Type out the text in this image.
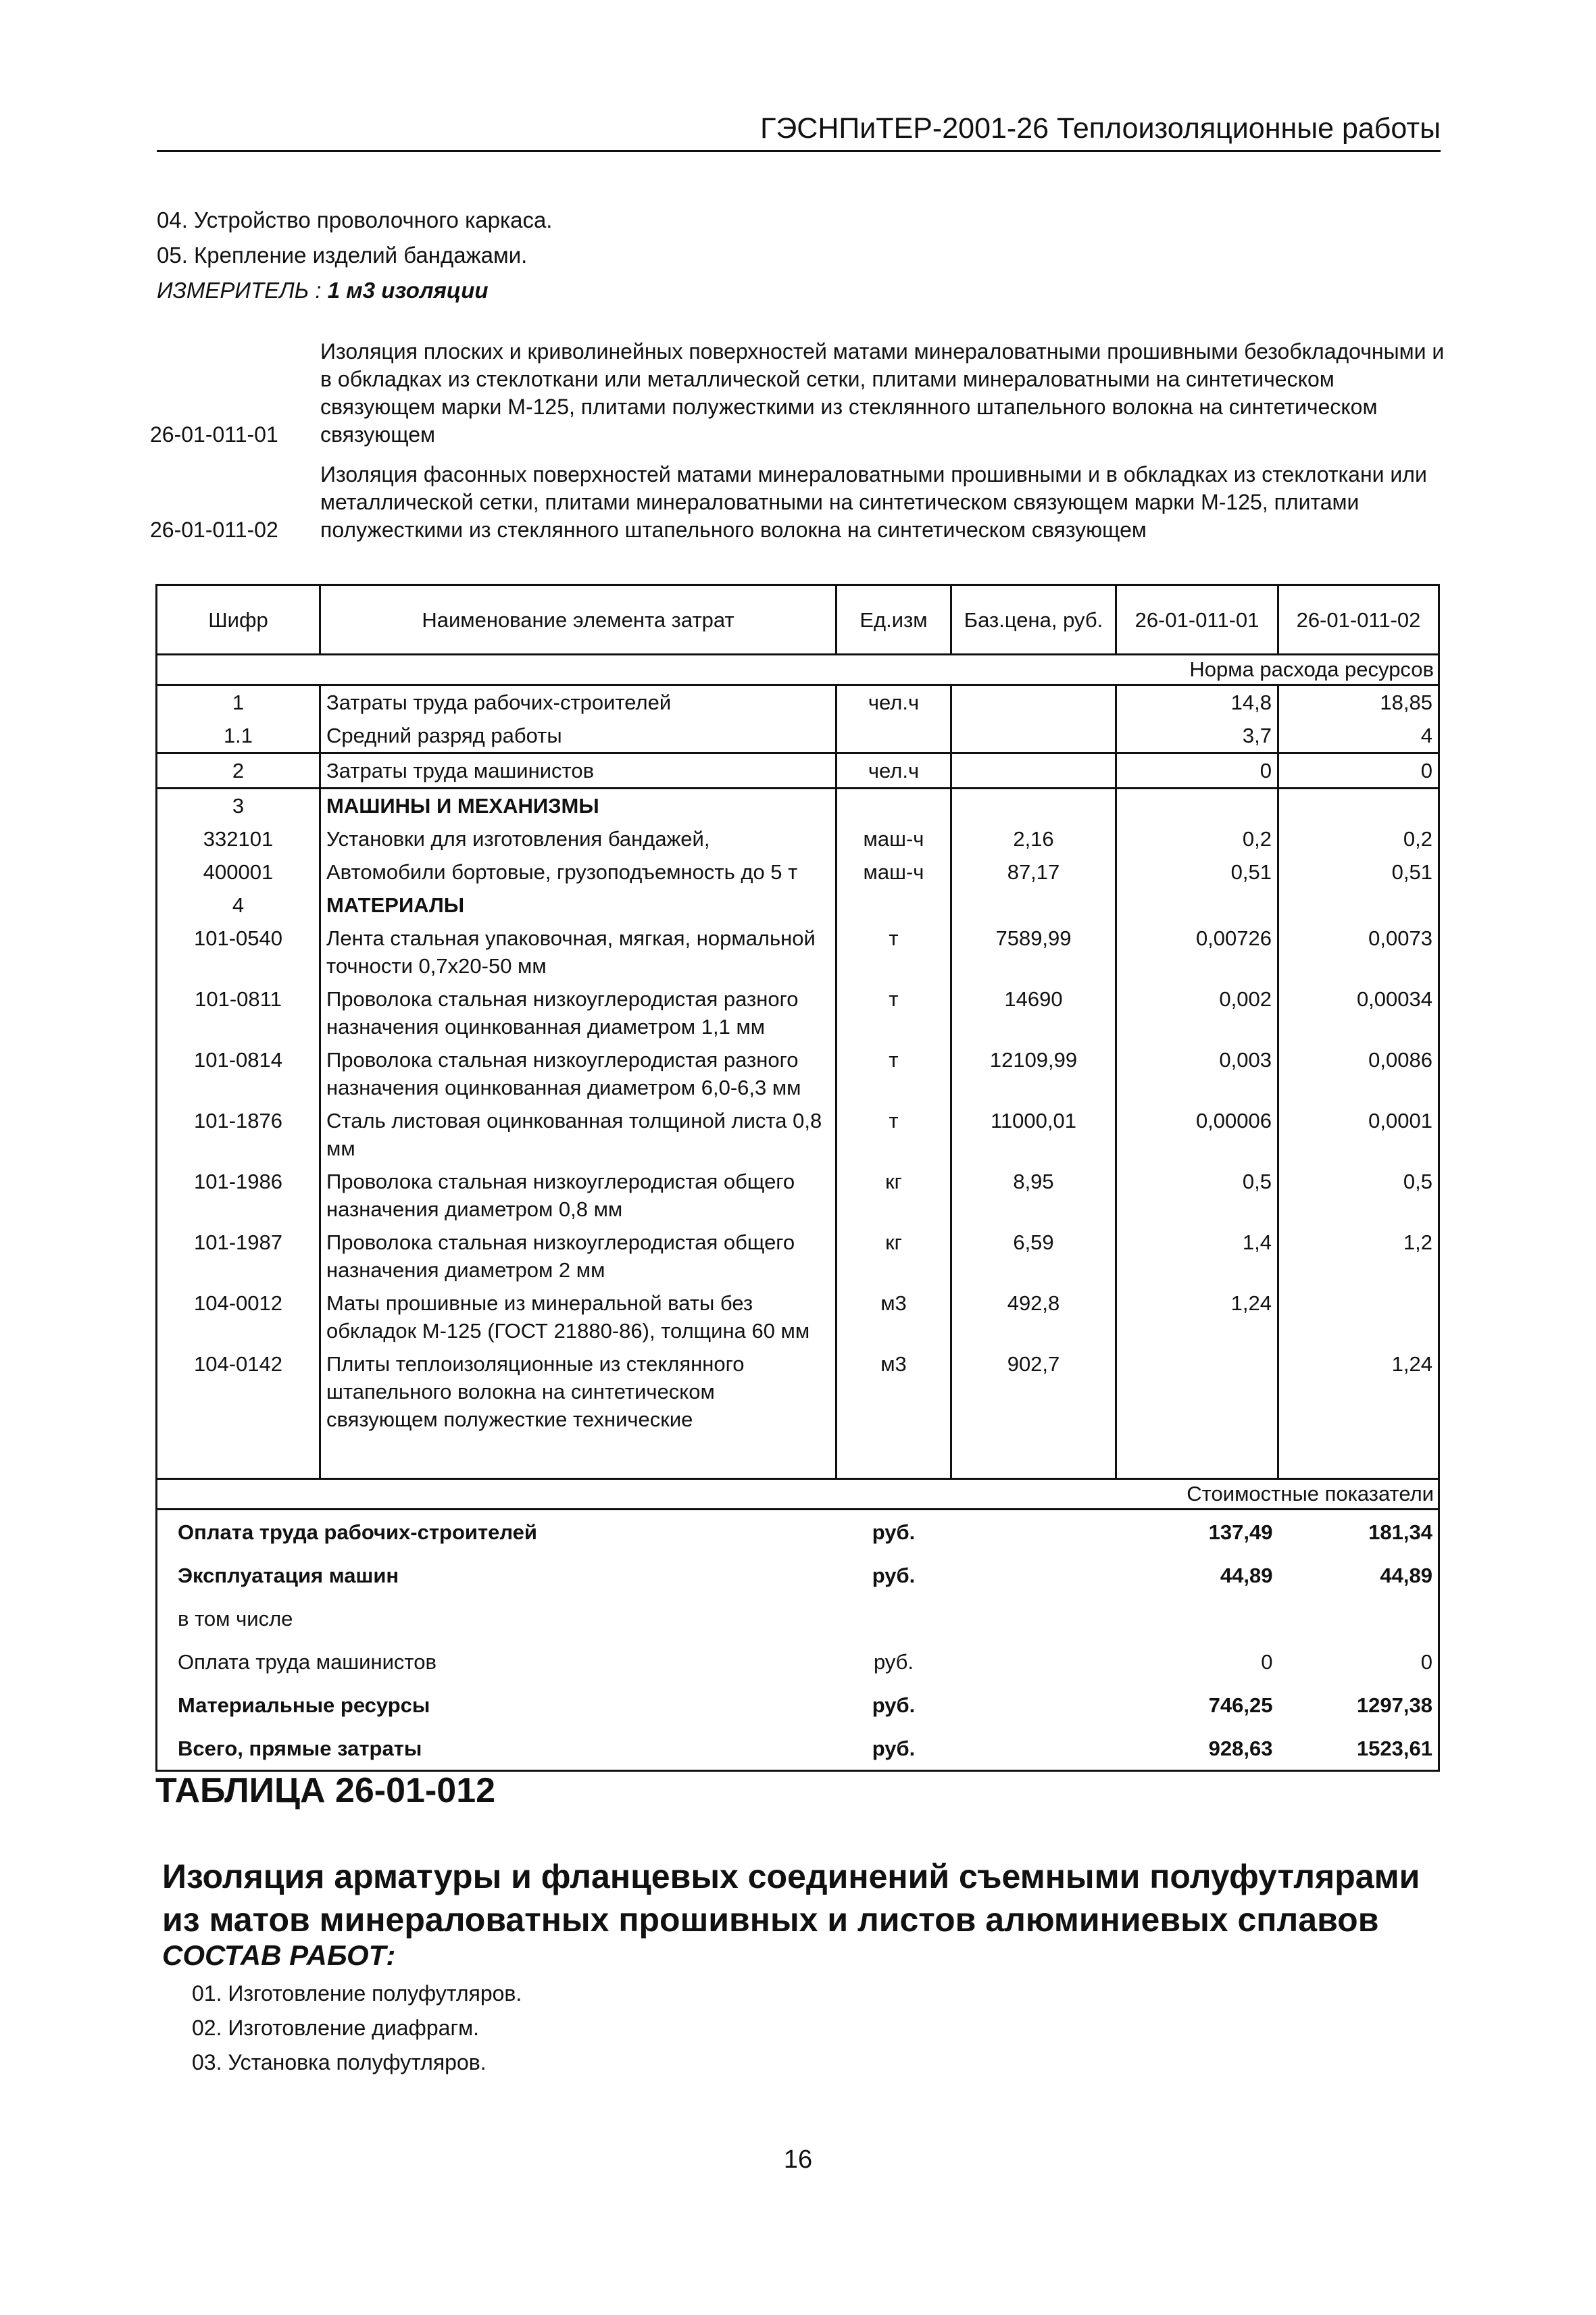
ГЭСНПиТЕР-2001-26 Теплоизоляционные работы
04. Устройство проволочного каркаса.
05. Крепление изделий бандажами.
ИЗМЕРИТЕЛЬ : 1 м3 изоляции
26-01-011-01
Изоляция плоских и криволинейных поверхностей матами минераловатными прошивными безобкладочными и в обкладках из стеклоткани или металлической сетки, плитами минераловатными на синтетическом связующем марки М-125, плитами полужесткими из стеклянного штапельного волокна на синтетическом связующем
26-01-011-02
Изоляция фасонных поверхностей матами минераловатными прошивными и в обкладках из стеклоткани или металлической сетки, плитами минераловатными на синтетическом связующем марки М-125, плитами полужесткими из стеклянного штапельного волокна на синтетическом связующем
Шифр	Наименование элемента затрат	Ед.изм	Баз.цена, руб.	26-01-011-01	26-01-011-02
Норма расхода ресурсов					
1	Затраты труда рабочих-строителей	чел.ч		14,8	18,85
1.1	Средний разряд работы			3,7	4
2	Затраты труда машинистов	чел.ч		0	0
3	МАШИНЫ И МЕХАНИЗМЫ				
332101	Установки для изготовления бандажей,	маш-ч	2,16	0,2	0,2
400001	Автомобили бортовые, грузоподъемность до 5 т	маш-ч	87,17	0,51	0,51
4	МАТЕРИАЛЫ				
101-0540	Лента стальная упаковочная, мягкая, нормальной точности 0,7х20-50 мм	т	7589,99	0,00726	0,0073
101-0811	Проволока стальная низкоуглеродистая разного назначения оцинкованная диаметром 1,1 мм	т	14690	0,002	0,00034
101-0814	Проволока стальная низкоуглеродистая разного назначения оцинкованная диаметром 6,0-6,3 мм	т	12109,99	0,003	0,0086
101-1876	Сталь листовая оцинкованная толщиной листа 0,8 мм	т	11000,01	0,00006	0,0001
101-1986	Проволока стальная низкоуглеродистая общего назначения диаметром 0,8 мм	кг	8,95	0,5	0,5
101-1987	Проволока стальная низкоуглеродистая общего назначения диаметром 2 мм	кг	6,59	1,4	1,2
104-0012	Маты прошивные из минеральной ваты без обкладок М-125 (ГОСТ 21880-86), толщина 60 мм	м3	492,8	1,24	
104-0142	Плиты теплоизоляционные из стеклянного штапельного волокна на синтетическом связующем полужесткие технические	м3	902,7		1,24

Стоимостные показатели					
Оплата труда рабочих-строителей		руб.		137,49	181,34
Эксплуатация машин		руб.		44,89	44,89
в том числе					
Оплата труда машинистов		руб.		0	0
Материальные ресурсы		руб.		746,25	1297,38
Всего, прямые затраты		руб.		928,63	1523,61
ТАБЛИЦА 26-01-012
Изоляция арматуры и фланцевых соединений съемными полуфутлярами из матов минераловатных прошивных и листов алюминиевых сплавов
СОСТАВ РАБОТ:
01. Изготовление полуфутляров.
02. Изготовление диафрагм.
03. Установка полуфутляров.
16
